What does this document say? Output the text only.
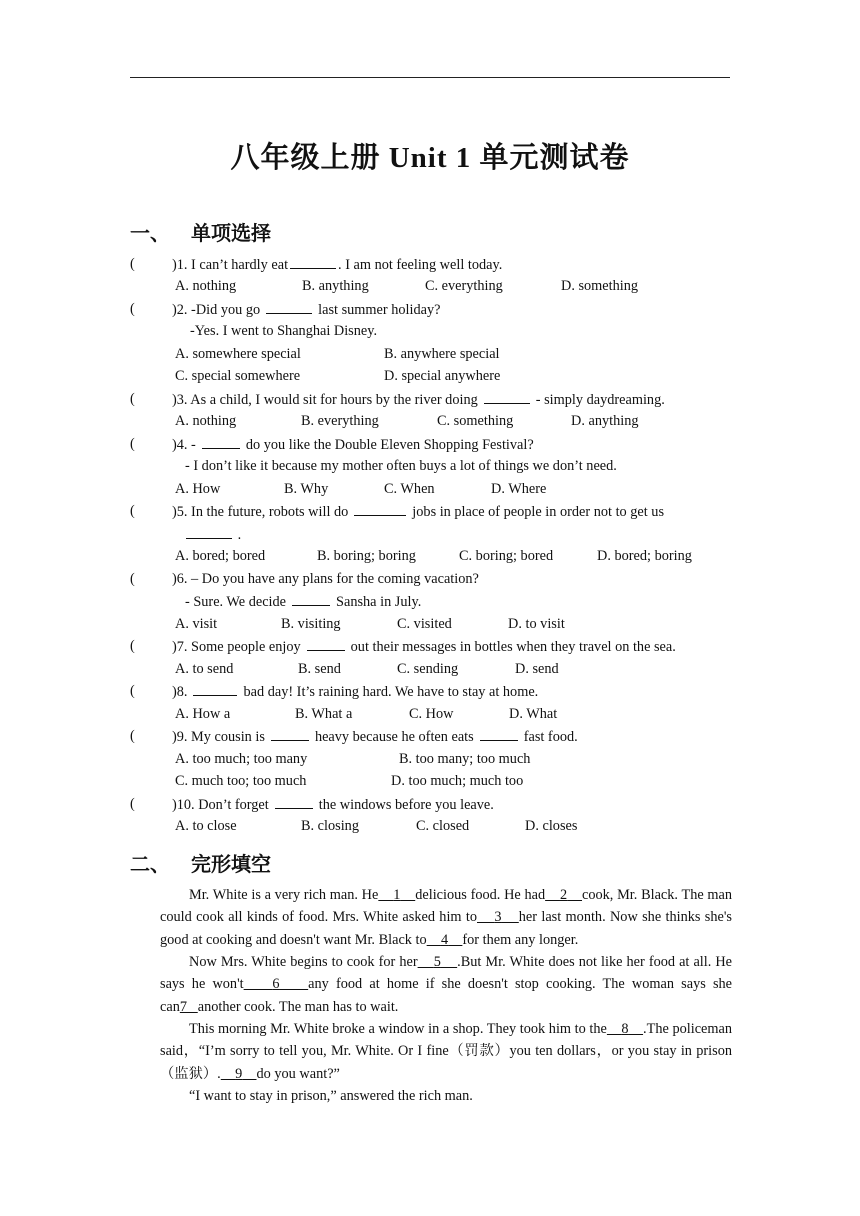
八年级上册 Unit 1 单元测试卷
一、 单项选择
(	)1. I can’t hardly eat	. I am not feeling well today.
A. nothing	B. anything	C. everything	D. something
(	)2. -Did you go	last summer holiday?
-Yes. I went to Shanghai Disney.
A. somewhere special	B. anywhere special
C. special somewhere	D. special anywhere
(	)3. As a child, I would sit for hours by the river doing	- simply daydreaming.
A. nothing	B. everything	C. something	D. anything
(	)4. -	do you like the Double Eleven Shopping Festival?
- I don’t like it because my mother often buys a lot of things we don’t need.
A. How	B. Why	C. When	D. Where
(	)5. In the future, robots will do	jobs in place of people in order not to get us
.
A. bored; bored	B. boring; boring	C. boring; bored	D. bored; boring
(	)6. – Do you have any plans for the coming vacation?
- Sure. We decide	Sansha in July.
A. visit	B. visiting	C. visited	D. to visit
(	)7. Some people enjoy	out their messages in bottles when they travel on the sea.
A. to send	B. send	C. sending	D. send
(	)8.	bad day! It’s raining hard. We have to stay at home.
A. How a	B. What a	C. How	D. What
(	)9. My cousin is	heavy because he often eats	fast food.
A. too much; too many	B. too many; too much
C. much too; too much	D. too much; much too
(	)10. Don’t forget	the windows before you leave.
A. to close	B. closing	C. closed	D. closes
二、 完形填空
Mr. White is a very rich man. He 1 delicious food. He had 2 cook, Mr. Black. The man could cook all kinds of food. Mrs. White asked him to 3 her last month. Now she thinks she's good at cooking and doesn't want Mr. Black to 4 for them any longer.
Now Mrs. White begins to cook for her 5 .But Mr. White does not like her food at all. He says he won't 6 any food at home if she doesn't stop cooking. The woman says she can7 another cook. The man has to wait.
This morning Mr. White broke a window in a shop. They took him to the 8 .The policeman said，“I’m sorry to tell you, Mr. White. Or I fine（罚款）you ten dollars，or you stay in prison（监狱）. 9 do you want?”
“I want to stay in prison,” answered the rich man.
